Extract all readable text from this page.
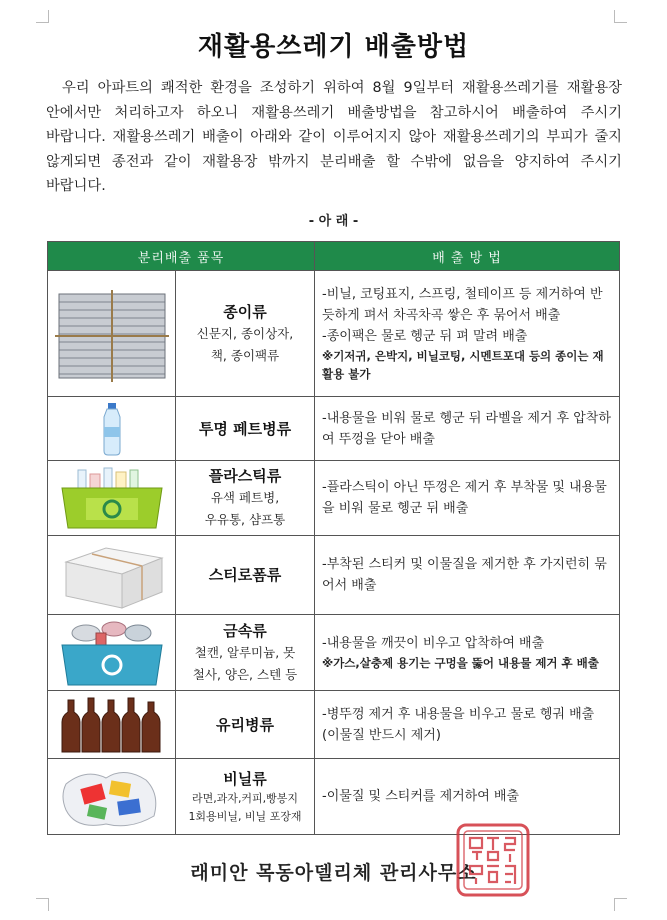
재활용쓰레기 배출방법

우리 아파트의 쾌적한 환경을 조성하기 위하여 8월 9일부터 재활용쓰레기를 재활용장 안에서만 처리하고자 하오니 재활용쓰레기 배출방법을 참고하시어 배출하여 주시기 바랍니다. 재활용쓰레기 배출이 아래와 같이 이루어지지 않아 재활용쓰레기의 부피가 줄지 않게되면 종전과 같이 재활용장 밖까지 분리배출 할 수밖에 없음을 양지하여 주시기 바랍니다.

- 아 래 -
분리배출 품목		배 출 방 법

종이류
신문지, 종이상자,
책, 종이팩류	-비닐, 코팅표지, 스프링, 철테이프 등 제거하여 반듯하게 펴서 차곡차곡 쌓은 후 묶어서 배출
-종이팩은 물로 헹군 뒤 펴 말려 배출
※기저귀, 은박지, 비닐코팅, 시멘트포대 등의 종이는 재활용 불가

투명 페트병류	-내용물을 비워 물로 헹군 뒤 라벨을 제거 후 압착하여 뚜껑을 닫아 배출

플라스틱류
유색 페트병,
우유통, 샴프통	-플라스틱이 아닌 뚜껑은 제거 후 부착물 및 내용물을 비워 물로 헹군 뒤 배출

스티로폼류	-부착된 스티커 및 이물질을 제거한 후 가지런히 묶어서 배출

금속류
철캔, 알루미늄, 못
철사, 양은, 스텐 등	-내용물을 깨끗이 비우고 압착하여 배출
※가스,살충제 용기는 구멍을 뚫어 내용물 제거 후 배출

유리병류	-병뚜껑 제거 후 내용물을 비우고 물로 헹궈 배출 (이물질 반드시 제거)

비닐류
라면,과자,커피,빵봉지
1회용비닐, 비닐 포장재	-이물질 및 스티커를 제거하여 배출
래미안 목동아델리체 관리사무소
